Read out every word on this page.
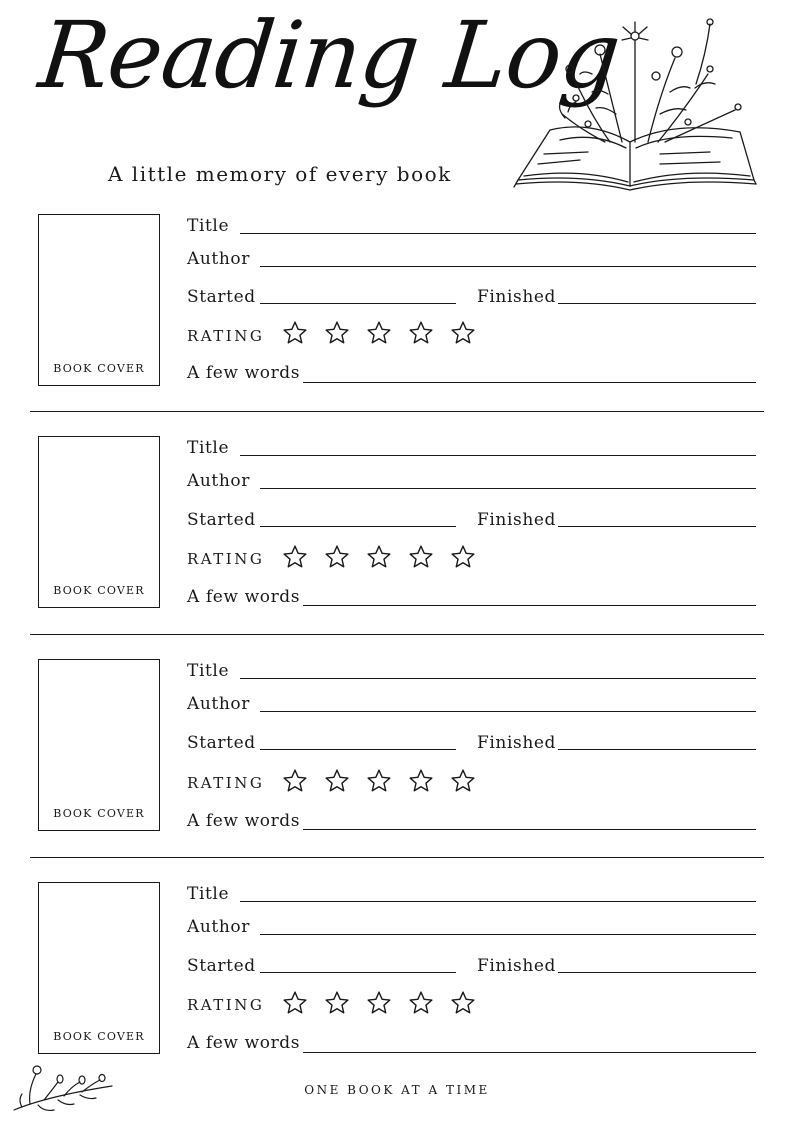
Reading Log
A little memory of every book
BOOK COVER
Title
Author
Started	Finished
RATING
A few words
BOOK COVER
Title
Author
Started	Finished
RATING
A few words
BOOK COVER
Title
Author
Started	Finished
RATING
A few words
BOOK COVER
Title
Author
Started	Finished
RATING
A few words
ONE BOOK AT A TIME
